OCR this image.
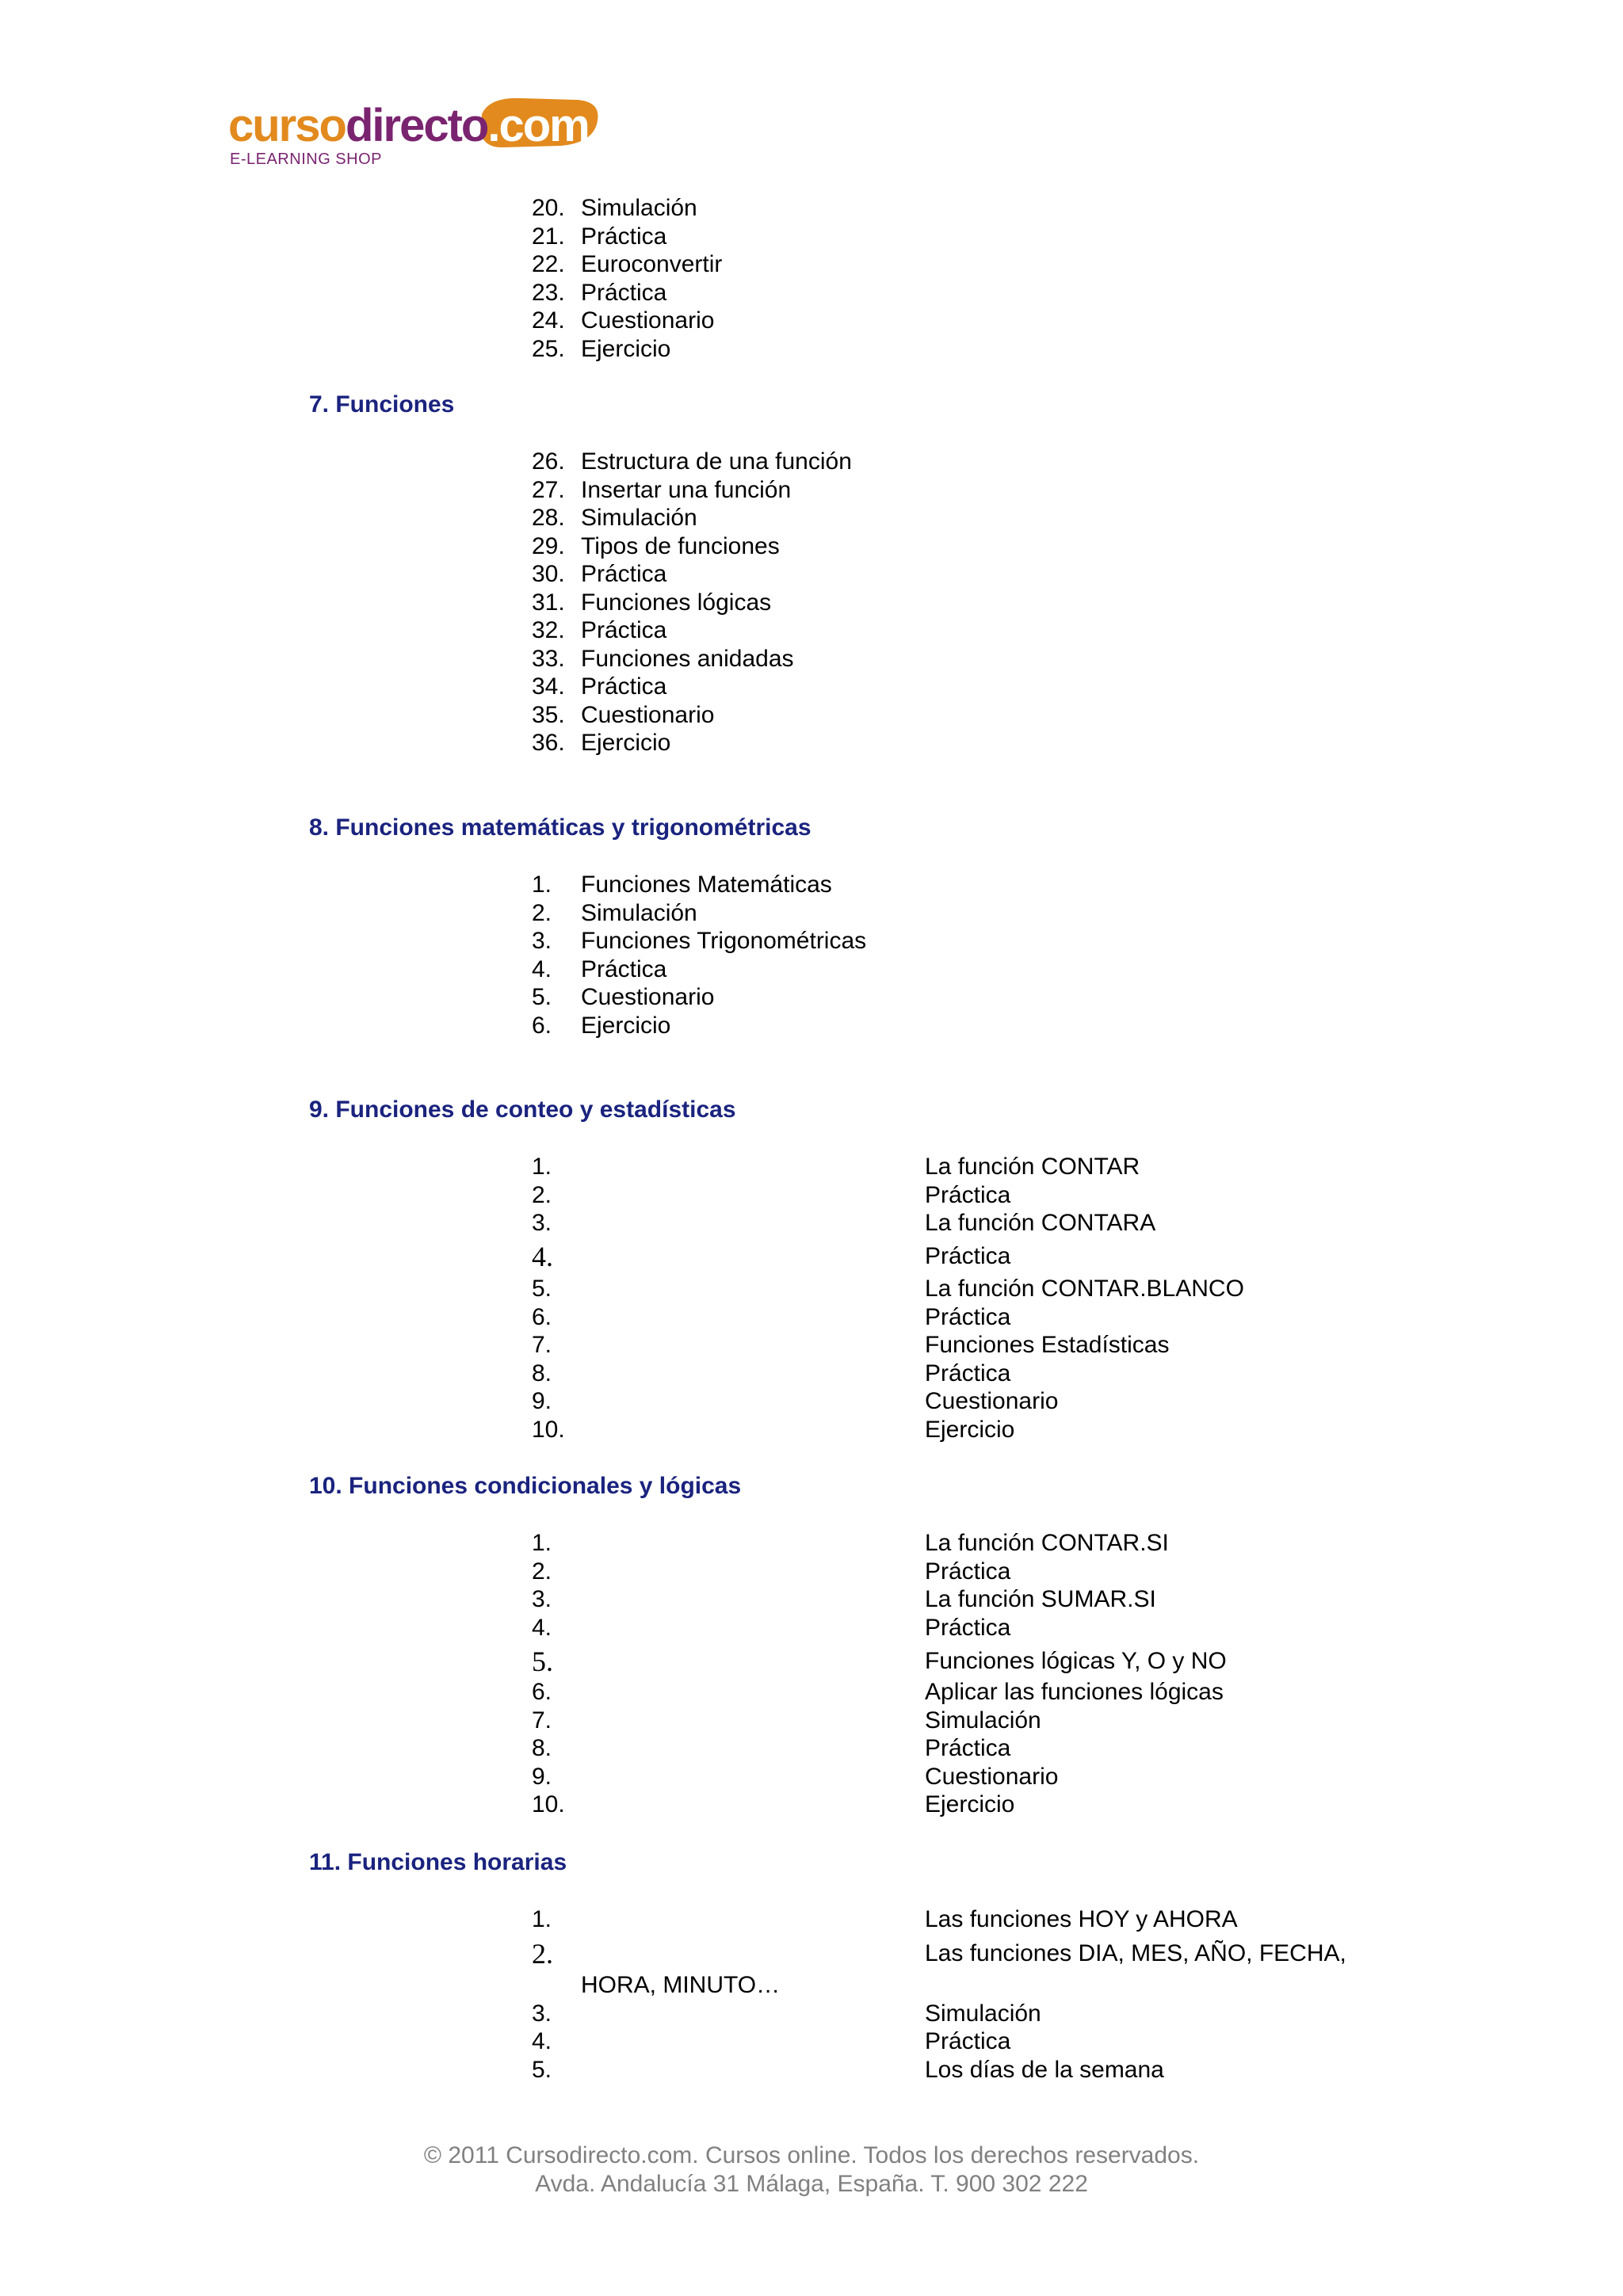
cursodirecto.com
E-LEARNING SHOP
20. Simulación
21. Práctica
22. Euroconvertir
23. Práctica
24. Cuestionario
25. Ejercicio
7. Funciones
26. Estructura de una función
27. Insertar una función
28. Simulación
29. Tipos de funciones
30. Práctica
31. Funciones lógicas
32. Práctica
33. Funciones anidadas
34. Práctica
35. Cuestionario
36. Ejercicio
8. Funciones matemáticas y trigonométricas
1. Funciones Matemáticas
2. Simulación
3. Funciones Trigonométricas
4. Práctica
5. Cuestionario
6. Ejercicio
9. Funciones de conteo y estadísticas
1.	La función CONTAR
2.	Práctica
3.	La función CONTARA
4.	Práctica
5.	La función CONTAR.BLANCO
6.	Práctica
7.	Funciones Estadísticas
8.	Práctica
9.	Cuestionario
10.	Ejercicio
10. Funciones condicionales y lógicas
1.	La función CONTAR.SI
2.	Práctica
3.	La función SUMAR.SI
4.	Práctica
5.	Funciones lógicas Y, O y NO
6.	Aplicar las funciones lógicas
7.	Simulación
8.	Práctica
9.	Cuestionario
10.	Ejercicio
11. Funciones horarias
1.	Las funciones HOY y AHORA
2.	Las funciones DIA, MES, AÑO, FECHA,
HORA, MINUTO…
3.	Simulación
4.	Práctica
5.	Los días de la semana
© 2011 Cursodirecto.com. Cursos online. Todos los derechos reservados.
Avda. Andalucía 31 Málaga, España. T. 900 302 222
